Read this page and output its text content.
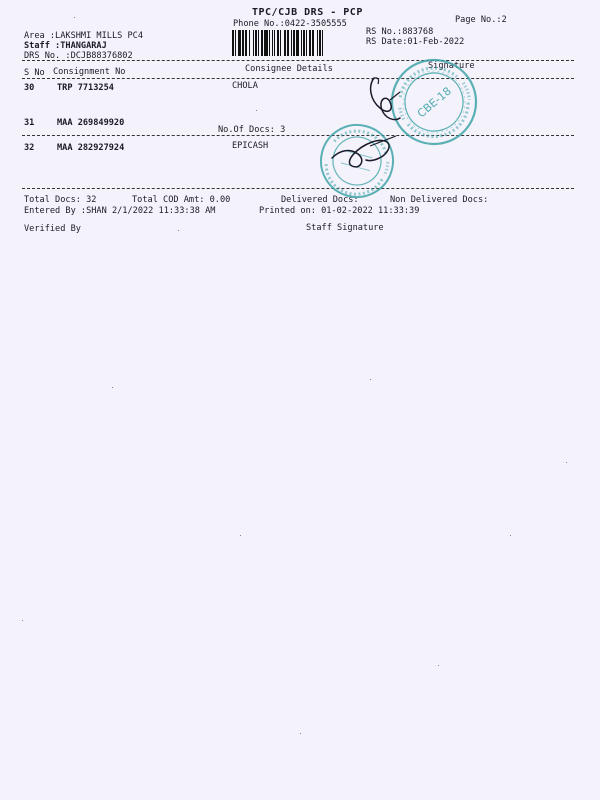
TPC/CJB DRS - PCP
Phone No.:0422-3505555	Page No.:2
RS No.:883768
RS Date:01-Feb-2022
Area :LAKSHMI MILLS PC4
Staff :THANGARAJ
DRS No. :DCJB88376802
S No Consignment No	Consignee Details	Signature
30	TRP 7713254	CHOLA
31	MAA 269849920
No.Of Docs: 3
32	MAA 282927924	EPICASH
Total Docs: 32	Total COD Amt: 0.00	Delivered Docs:	Non Delivered Docs:
Entered By :SHAN 2/1/2022 11:33:38 AM	Printed on: 01-02-2022 11:33:39
Verified By	Staff Signature
CBE-18
